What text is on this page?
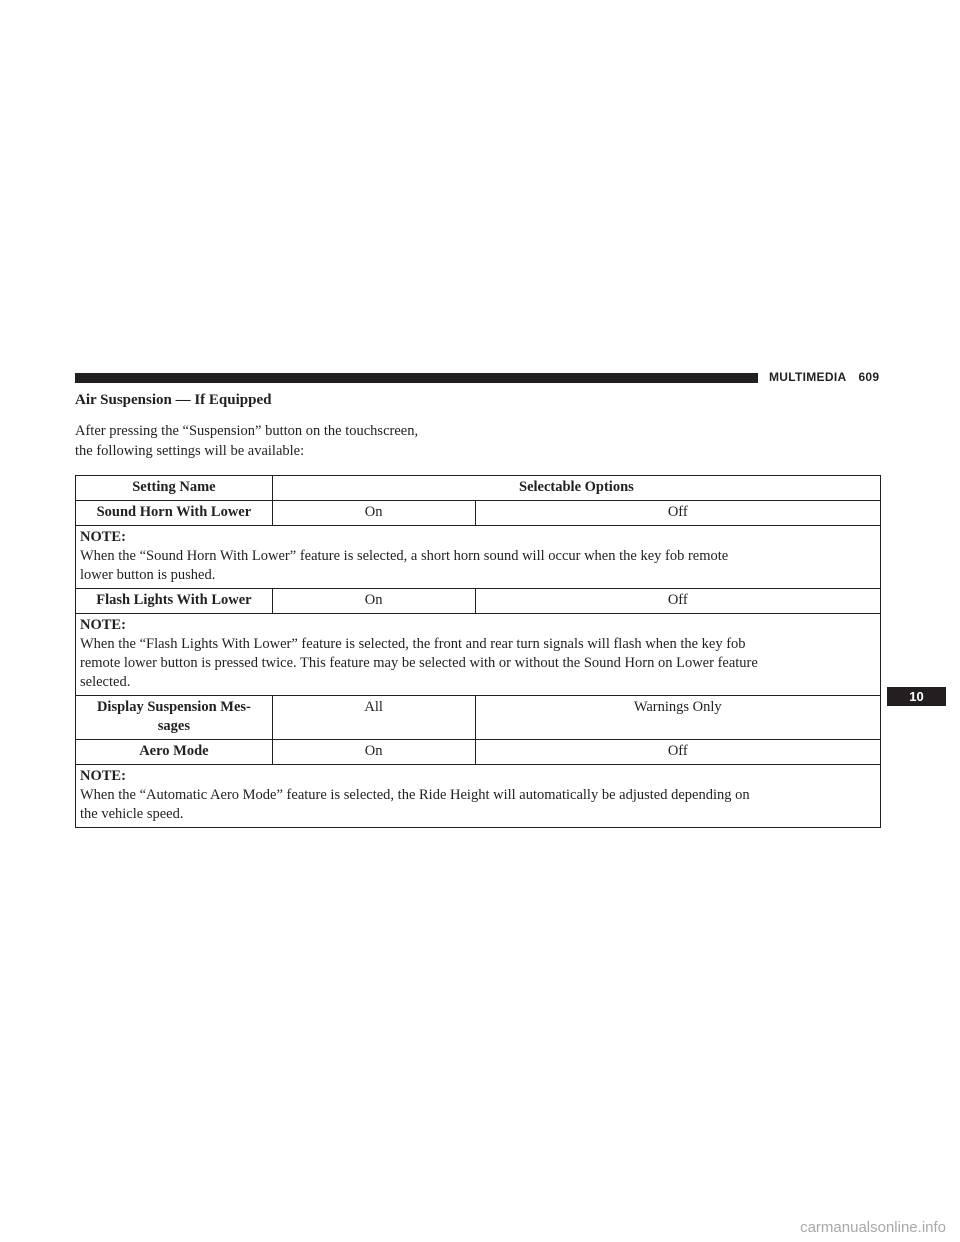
MULTIMEDIA 609
Air Suspension — If Equipped

After pressing the “Suspension” button on the touchscreen,

the following settings will be available:

Setting Name	Selectable Options	
Sound Horn With Lower	On	Off

NOTE:
When the “Sound Horn With Lower” feature is selected, a short horn sound will occur when the key fob remote
lower button is pushed.		
Flash Lights With Lower	On	Off

NOTE:
When the “Flash Lights With Lower” feature is selected, the front and rear turn signals will flash when the key fob
remote lower button is pressed twice. This feature may be selected with or without the Sound Horn on Lower feature
selected.		
Display Suspension Mes-
sages	All	Warnings Only
Aero Mode	On	Off

NOTE:
When the “Automatic Aero Mode” feature is selected, the Ride Height will automatically be adjusted depending on
the vehicle speed.		
10
carmanualsonline.info
